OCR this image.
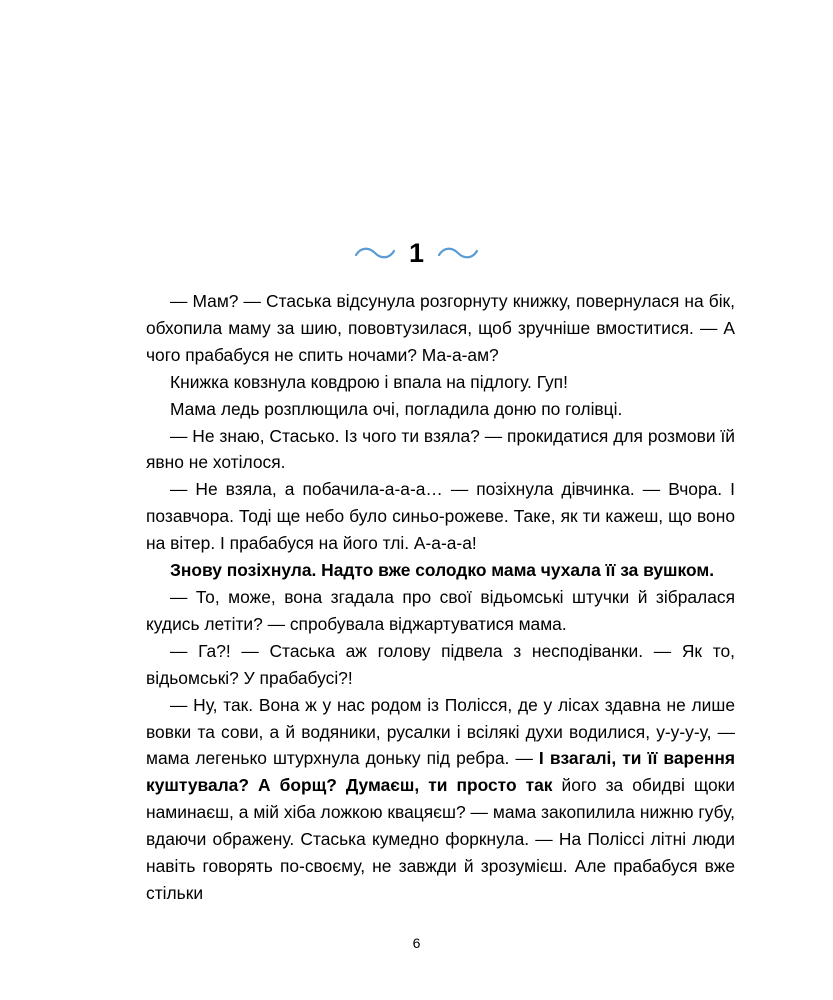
1

— Мам? — Стаська відсунула розгорнуту книжку, повернулася на бік, обхопила маму за шию, пововтузилася, щоб зручніше вмоститися. — А чого прабабуся не спить ночами? Ма-а-ам?

Книжка ковзнула ковдрою і впала на підлогу. Гуп!

Мама ледь розплющила очі, погладила доню по голівці.

— Не знаю, Стасько. Із чого ти взяла? — прокидатися для розмови їй явно не хотілося.

— Не взяла, а побачила-а-а-а… — позіхнула дівчинка. — Вчора. І позавчора. Тоді ще небо було синьо-рожеве. Таке, як ти кажеш, що воно на вітер. І прабабуся на його тлі. А-а-а-а!

Знову позіхнула. Надто вже солодко мама чухала її за вушком.

— То, може, вона згадала про свої відьомські штучки й зібралася кудись летіти? — спробувала віджартуватися мама.

— Га?! — Стаська аж голову підвела з несподіванки. — Як то, відьомські? У прабабусі?!

— Ну, так. Вона ж у нас родом із Полісся, де у лісах здавна не лише вовки та сови, а й водяники, русалки і всілякі духи водилися, у-у-у-у, — мама легенько штурхнула доньку під ребра. — І взагалі, ти її варення куштувала? А борщ? Думаєш, ти просто так його за обидві щоки наминаєш, а мій хіба ложкою квацяєш? — мама закопилила нижню губу, вдаючи ображену. Стаська кумедно форкнула. — На Поліссі літні люди навіть говорять по-своєму, не завжди й зрозумієш. Але прабабуся вже стільки

6
